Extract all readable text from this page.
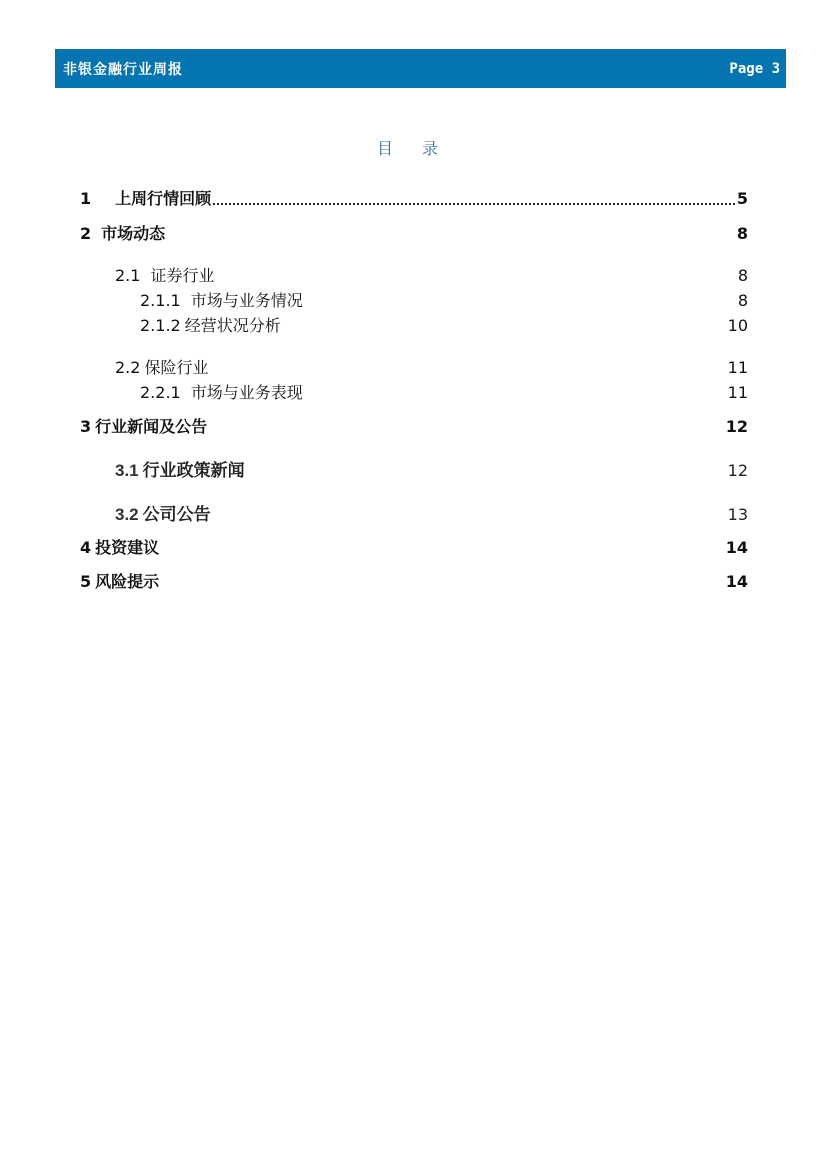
非银金融行业周报	Page 3
目 录
1 上周行情回顾	5
2 市场动态	8
2.1 证券行业	8
2.1.1 市场与业务情况	8
2.1.2 经营状况分析	10
2.2 保险行业	11
2.2.1 市场与业务表现	11
3 行业新闻及公告	12
3.1 行业政策新闻	12
3.2 公司公告	13
4 投资建议	14
5 风险提示	14
